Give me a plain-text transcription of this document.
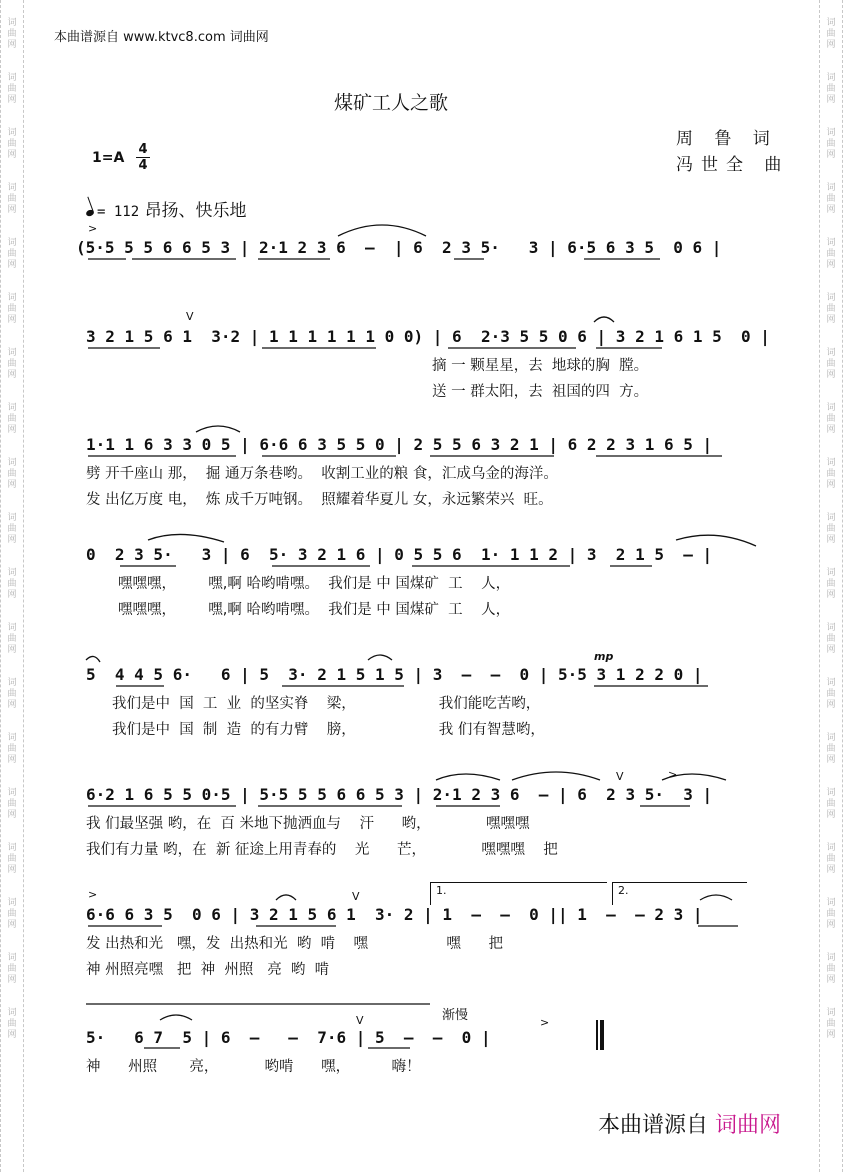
词
曲
网
词
曲
网
词
曲
网
词
曲
网
词
曲
网
词
曲
网
词
曲
网
词
曲
网
词
曲
网
词
曲
网
词
曲
网
词
曲
网
词
曲
网
词
曲
网
词
曲
网
词
曲
网
词
曲
网
词
曲
网
词
曲
网
词
曲
网
词
曲
网
词
曲
网
词
曲
网
词
曲
网
词
曲
网
词
曲
网
词
曲
网
词
曲
网
词
曲
网
词
曲
网
词
曲
网
词
曲
网
词
曲
网
词
曲
网
词
曲
网
词
曲
网
词
曲
网
词
曲
网
本曲谱源自 www.ktvc8.com 词曲网
煤矿工人之歌
周 鲁 词
冯世全 曲
1=A
4
4
= 112 昂扬、快乐地
(5·5 5 5 6 6 5 3 | 2·1 2 3 6  –  | 6  2 3 5·   3 | 6·5 6 3 5  0 6 |
3 2 1 5 6 1  3·2 | 1 1 1 1 1 1 0 0) | 6  2·3 5 5 0 6 | 3 2 1 6 1 5  0 |
摘 一 颗星星，去  地球的胸  膛。
送 一 群太阳，去  祖国的四  方。
1·1 1 6 3 3 0 5 | 6·6 6 3 5 5 0 | 2 5 5 6 3 2 1 | 6 2 2 3 1 6 5 |
劈 开千座山 那，  掘 通万条巷哟。  收割工业的粮 食，汇成乌金的海洋。
发 出亿万度 电，  炼 成千万吨钢。  照耀着华夏儿 女，永远繁荣兴  旺。
0  2 3 5·   3 | 6  5· 3 2 1 6 | 0 5 5 6  1· 1 1 2 | 3  2 1 5  – |
嘿嘿嘿，       嘿,啊 哈哟啃嘿。  我们是 中 国煤矿  工    人，
嘿嘿嘿，       嘿,啊 哈哟啃嘿。  我们是 中 国煤矿  工    人，
5  4 4 5 6·   6 | 5  3· 2 1 5 1 5 | 3  –  –  0 | 5·5 3 1 2 2 0 |
我们是中  国  工  业  的坚实脊    梁，                  我们能吃苦哟，
我们是中  国  制  造  的有力臂    膀，                  我 们有智慧哟，
6·2 1 6 5 5 0·5 | 5·5 5 5 6 6 5 3 | 2·1 2 3 6  – | 6  2 3 5·  3 |
我 们最坚强 哟，在  百 米地下抛洒血与    汗      哟，            嘿嘿嘿
我们有力量 哟，在  新 征途上用青春的    光      芒，            嘿嘿嘿    把
6·6 6 3 5  0 6 | 3 2 1 5 6 1  3· 2 | 1  –  –  0 || 1  –  – 2 3 |
发 出热和光   嘿，发  出热和光  哟  啃    嘿                 嘿      把
神 州照亮嘿   把  神  州照   亮  哟  啃
1.	2.
5·   6 7  5 | 6  –   –  7·6 | 5  –  –  0 |
神      州照       亮，          哟啃      嘿，         嗨！
渐慢
mp
>
>
>
>
V
V
V
V
本曲谱源自 词曲网
